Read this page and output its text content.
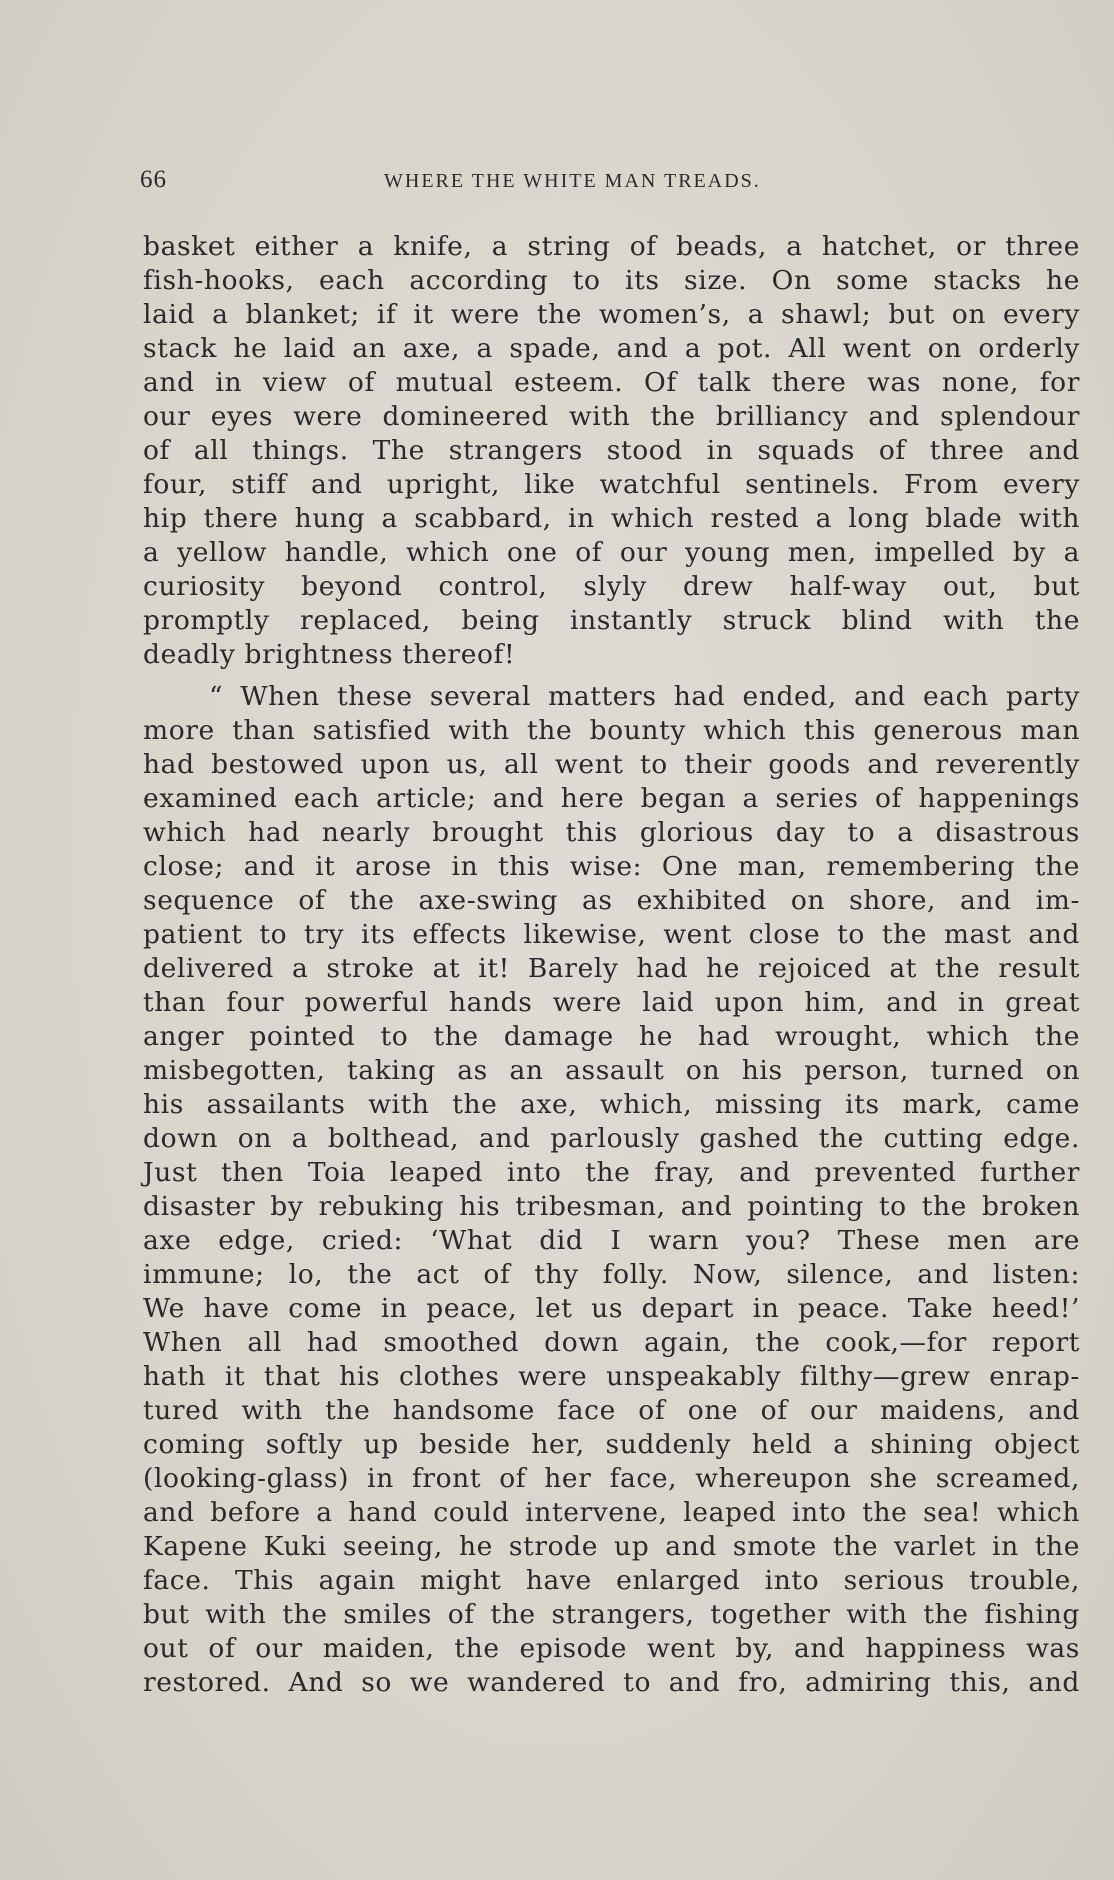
66	WHERE THE WHITE MAN TREADS.
basket either a knife, a string of beads, a hatchet, or three
fish-hooks, each according to its size. On some stacks he
laid a blanket; if it were the women’s, a shawl; but on every
stack he laid an axe, a spade, and a pot. All went on orderly
and in view of mutual esteem. Of talk there was none, for
our eyes were domineered with the brilliancy and splendour
of all things. The strangers stood in squads of three and
four, stiff and upright, like watchful sentinels. From every
hip there hung a scabbard, in which rested a long blade with
a yellow handle, which one of our young men, impelled by a
curiosity beyond control, slyly drew half-way out, but
promptly replaced, being instantly struck blind with the
deadly brightness thereof!
“ When these several matters had ended, and each party
more than satisfied with the bounty which this generous man
had bestowed upon us, all went to their goods and reverently
examined each article; and here began a series of happenings
which had nearly brought this glorious day to a disastrous
close; and it arose in this wise: One man, remembering the
sequence of the axe-swing as exhibited on shore, and im-
patient to try its effects likewise, went close to the mast and
delivered a stroke at it! Barely had he rejoiced at the result
than four powerful hands were laid upon him, and in great
anger pointed to the damage he had wrought, which the
misbegotten, taking as an assault on his person, turned on
his assailants with the axe, which, missing its mark, came
down on a bolthead, and parlously gashed the cutting edge.
Just then Toia leaped into the fray, and prevented further
disaster by rebuking his tribesman, and pointing to the broken
axe edge, cried: ‘What did I warn you? These men are
immune; lo, the act of thy folly. Now, silence, and listen:
We have come in peace, let us depart in peace. Take heed!’
When all had smoothed down again, the cook,—for report
hath it that his clothes were unspeakably filthy—grew enrap-
tured with the handsome face of one of our maidens, and
coming softly up beside her, suddenly held a shining object
(looking-glass) in front of her face, whereupon she screamed,
and before a hand could intervene, leaped into the sea! which
Kapene Kuki seeing, he strode up and smote the varlet in the
face. This again might have enlarged into serious trouble,
but with the smiles of the strangers, together with the fishing
out of our maiden, the episode went by, and happiness was
restored. And so we wandered to and fro, admiring this, and
